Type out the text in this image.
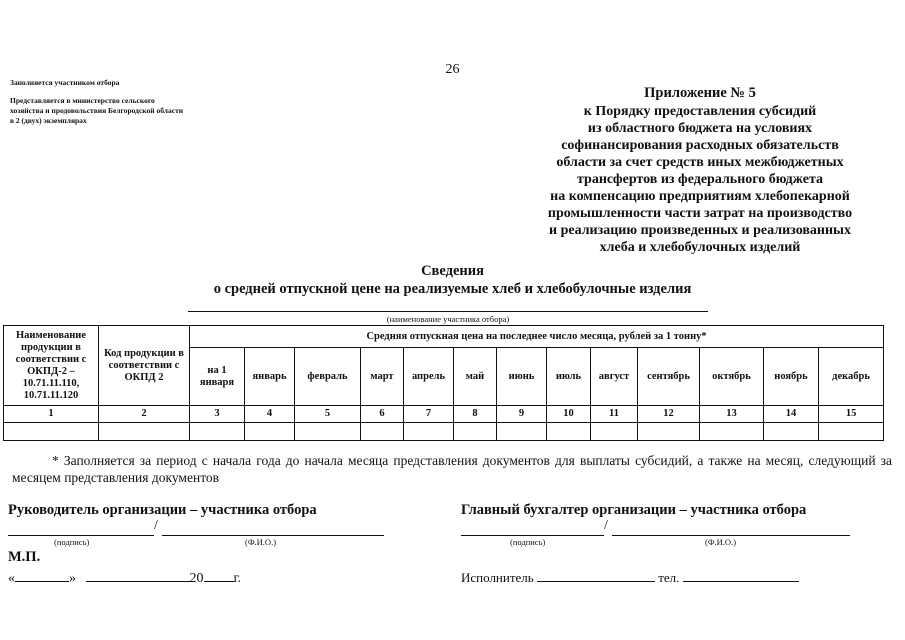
26
Заполняется участником отбора
Представляется в министерство сельского
хозяйства и продовольствия Белгородской области
в 2 (двух) экземплярах
Приложение № 5
к Порядку предоставления субсидий
из областного бюджета на условиях
софинансирования расходных обязательств
области за счет средств иных межбюджетных
трансфертов из федерального бюджета
на компенсацию предприятиям хлебопекарной
промышленности части затрат на производство
и реализацию произведенных и реализованных
хлеба и хлебобулочных изделий
Сведения
о средней отпускной цене на реализуемые хлеб и хлебобулочные изделия
(наименование участника отбора)
Наименование продукции в соответствии с ОКПД-2 – 10.71.11.110, 10.71.11.120	Код продукции в соответствии с ОКПД 2	Средняя отпускная цена на последнее число месяца, рублей за 1 тонну*												
		на 1 января	январь	февраль	март	апрель	май	июнь	июль	август	сентябрь	октябрь	ноябрь	декабрь
1	2	3	4	5	6	7	8	9	10	11	12	13	14	15

* Заполняется за период с начала года до начала месяца представления документов для выплаты субсидий, а также на месяц, следующий за месяцем представления документов
Руководитель организации – участника отбора
/
(подпись)	(Ф.И.О.)
М.П.
«	»	20 г.
Главный бухгалтер организации – участника отбора
/
(подпись)	(Ф.И.О.)
Исполнитель	тел.
